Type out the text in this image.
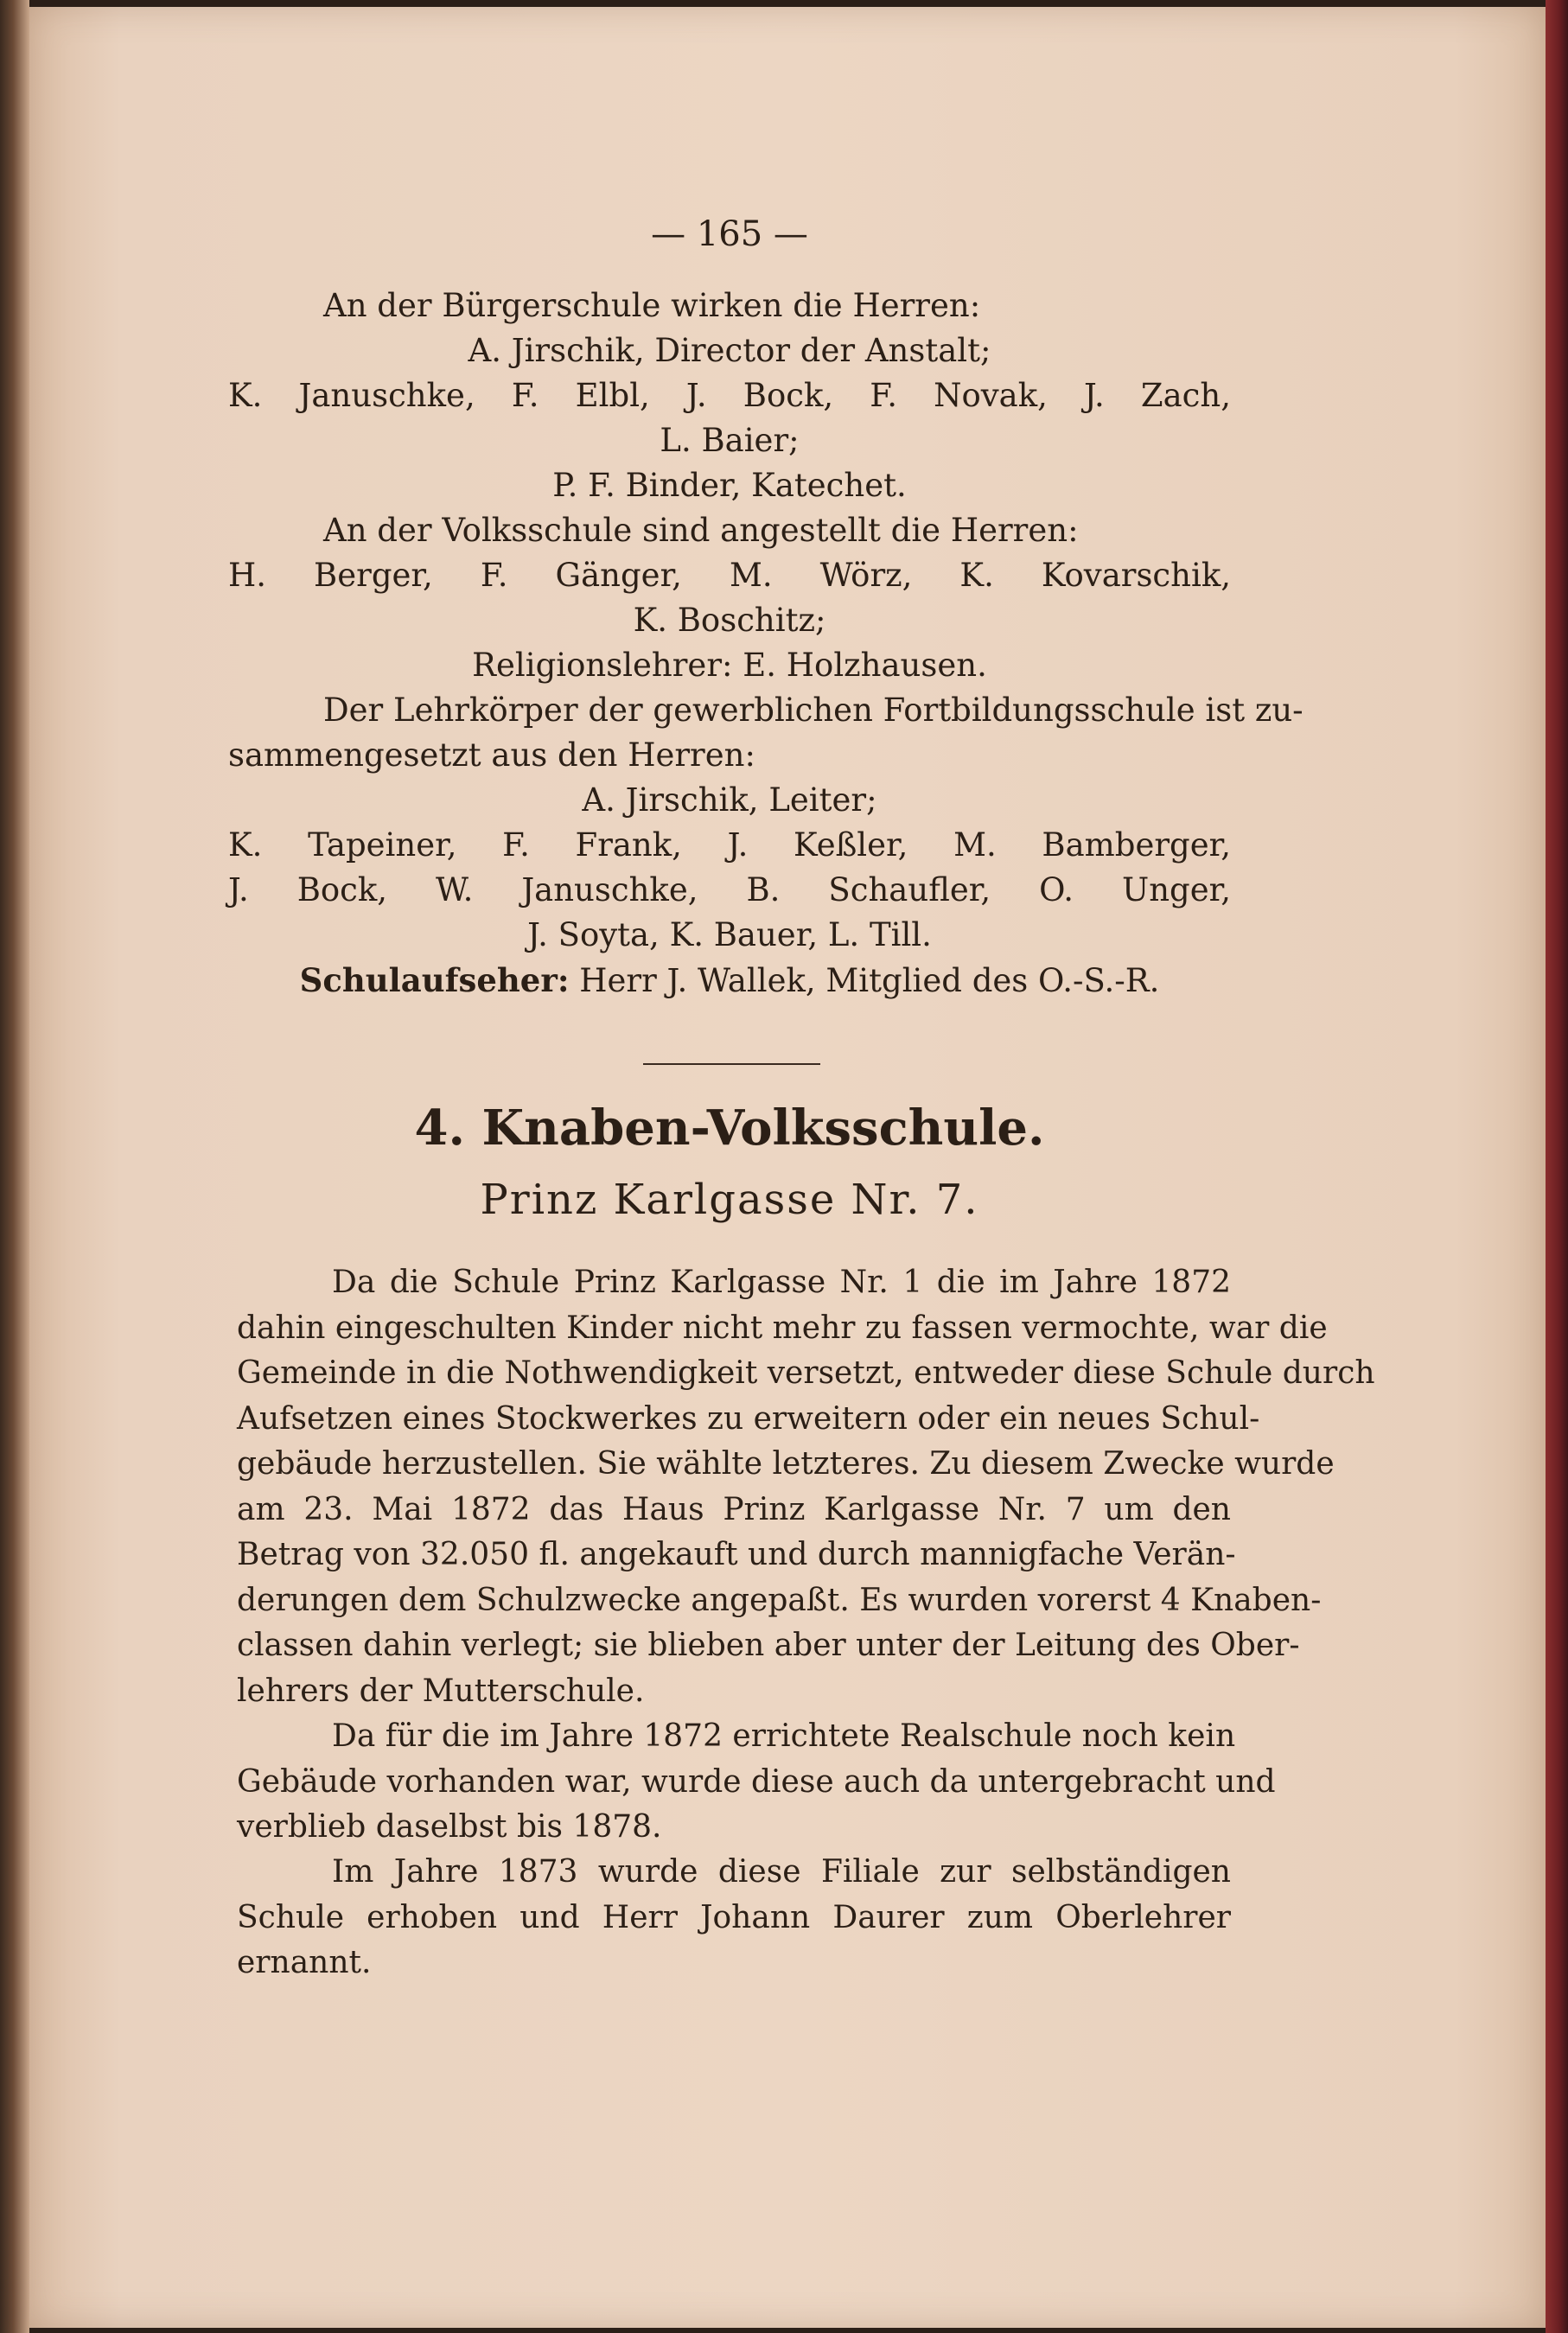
— 165 —
An der Bürgerschule wirken die Herren:
A. Jirschik, Director der Anstalt;
K. Januschke, F. Elbl, J. Bock, F. Novak, J. Zach,
L. Baier;
P. F. Binder, Katechet.
An der Volksschule sind angestellt die Herren:
H. Berger, F. Gänger, M. Wörz, K. Kovarschik,
K. Boschitz;
Religionslehrer: E. Holzhausen.
Der Lehrkörper der gewerblichen Fortbildungsschule ist zu-
sammengesetzt aus den Herren:
A. Jirschik, Leiter;
K. Tapeiner, F. Frank, J. Keßler, M. Bamberger,
J. Bock, W. Januschke, B. Schaufler, O. Unger,
J. Soyta, K. Bauer, L. Till.
Schulaufseher: Herr J. Wallek, Mitglied des O.-S.-R.
4. Knaben-Volksschule.
Prinz Karlgasse Nr. 7.
Da die Schule Prinz Karlgasse Nr. 1 die im Jahre 1872
dahin eingeschulten Kinder nicht mehr zu fassen vermochte, war die
Gemeinde in die Nothwendigkeit versetzt, entweder diese Schule durch
Aufsetzen eines Stockwerkes zu erweitern oder ein neues Schul-
gebäude herzustellen. Sie wählte letzteres. Zu diesem Zwecke wurde
am 23. Mai 1872 das Haus Prinz Karlgasse Nr. 7 um den
Betrag von 32.050 fl. angekauft und durch mannigfache Verän-
derungen dem Schulzwecke angepaßt. Es wurden vorerst 4 Knaben-
classen dahin verlegt; sie blieben aber unter der Leitung des Ober-
lehrers der Mutterschule.
Da für die im Jahre 1872 errichtete Realschule noch kein
Gebäude vorhanden war, wurde diese auch da untergebracht und
verblieb daselbst bis 1878.
Im Jahre 1873 wurde diese Filiale zur selbständigen
Schule erhoben und Herr Johann Daurer zum Oberlehrer
ernannt.
